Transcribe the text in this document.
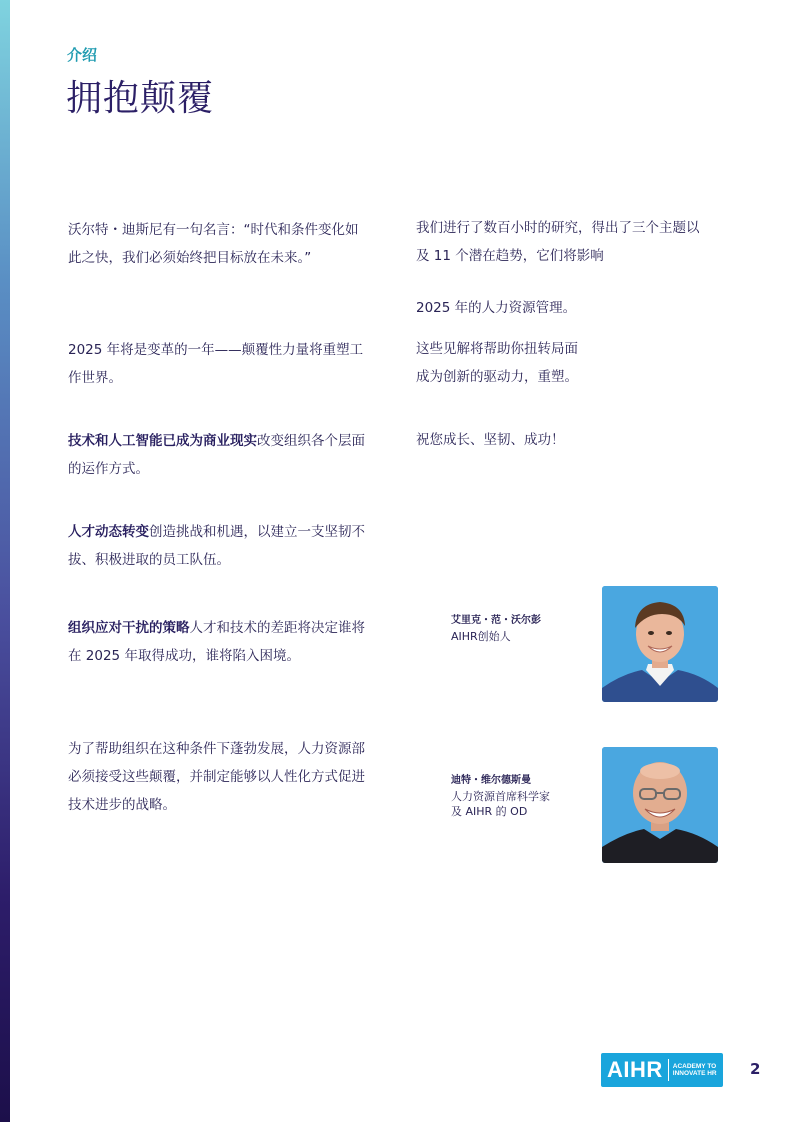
介绍
拥抱颠覆

沃尔特・迪斯尼有一句名言：“时代和条件变化如此之快，我们必须始终把目标放在未来。”

2025 年将是变革的一年——颠覆性力量将重塑工作世界。

技术和人工智能已成为商业现实改变组织各个层面的运作方式。

人才动态转变创造挑战和机遇，以建立一支坚韧不拔、积极进取的员工队伍。

组织应对干扰的策略人才和技术的差距将决定谁将在 2025 年取得成功，谁将陷入困境。

为了帮助组织在这种条件下蓬勃发展，人力资源部必须接受这些颠覆，并制定能够以人性化方式促进技术进步的战略。

我们进行了数百小时的研究，得出了三个主题以及 11 个潜在趋势，它们将影响

2025 年的人力资源管理。

这些见解将帮助你扭转局面成为创新的驱动力，重塑。

祝您成长、坚韧、成功！

艾里克・范・沃尔彭
AIHR创始人
迪特・维尔德斯曼
人力资源首席科学家
及 AIHR 的 OD
AIHR ACADEMY TO
INNOVATE HR 2
